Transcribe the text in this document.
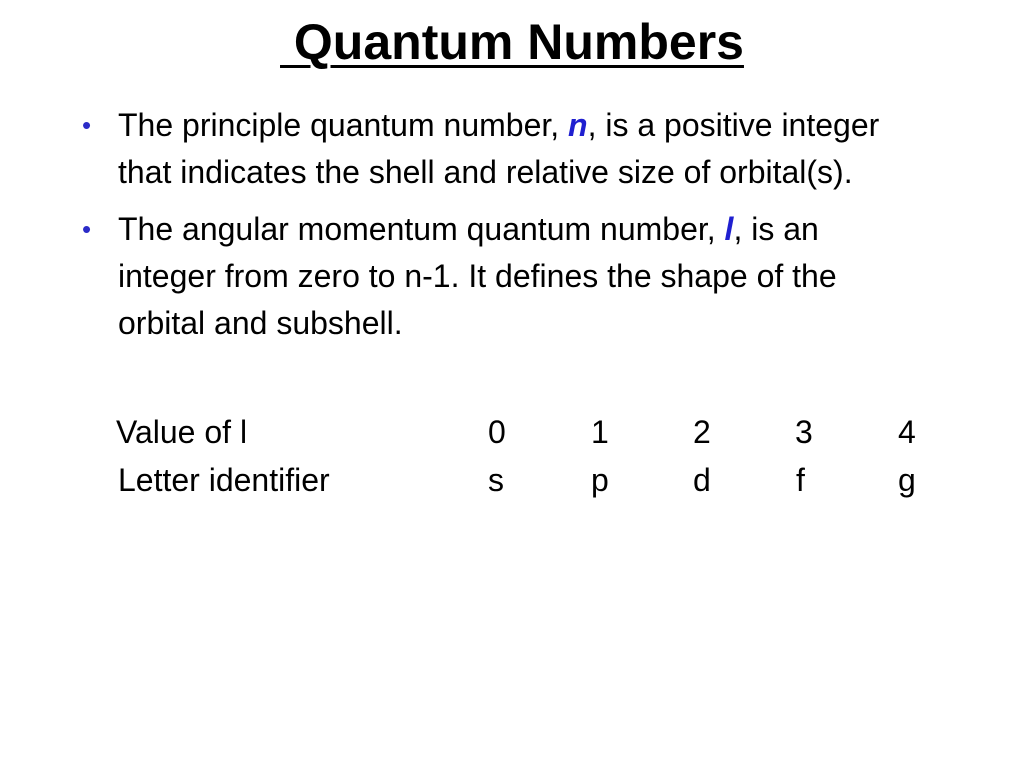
Quantum Numbers
• The principle quantum number, n, is a positive integer that indicates the shell and relative size of orbital(s).
• The angular momentum quantum number, l, is an integer from zero to n-1. It defines the shape of the orbital and subshell.
Value of l	0	1	2	3	4
Letter identifier	s	p	d	f	g
